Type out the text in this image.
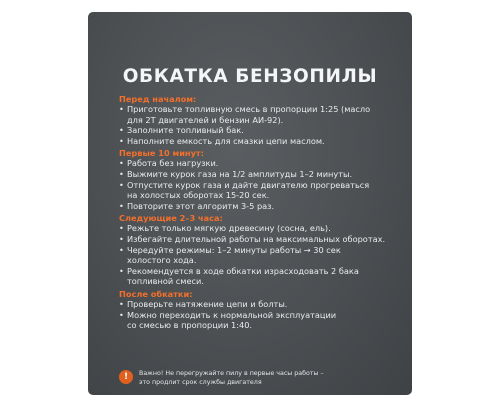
ОБКАТКА БЕНЗОПИЛЫ
Перед началом:
• Приготовьте топливную смесь в пропорции 1:25 (масло
для 2Т двигателей и бензин АИ-92).
• Заполните топливный бак.
• Наполните емкость для смазки цепи маслом.
Первые 10 минут:
• Работа без нагрузки.
• Выжмите курок газа на 1/2 амплитуды 1–2 минуты.
• Отпустите курок газа и дайте двигателю прогреваться
на холостых оборотах 15-20 сек.
• Повторите этот алгоритм 3-5 раз.
Следующие 2–3 часа:
• Режьте только мягкую древесину (сосна, ель).
• Избегайте длительной работы на максимальных оборотах.
• Чередуйте режимы: 1–2 минуты работы → 30 сек
холостого хода.
• Рекомендуется в ходе обкатки израсходовать 2 бака
топливной смеси.
После обкатки:
• Проверьте натяжение цепи и болты.
• Можно переходить к нормальной эксплуатации
со смесью в пропорции 1:40.
!	Важно! Не перегружайте пилу в первые часы работы –
это продлит срок службы двигателя
